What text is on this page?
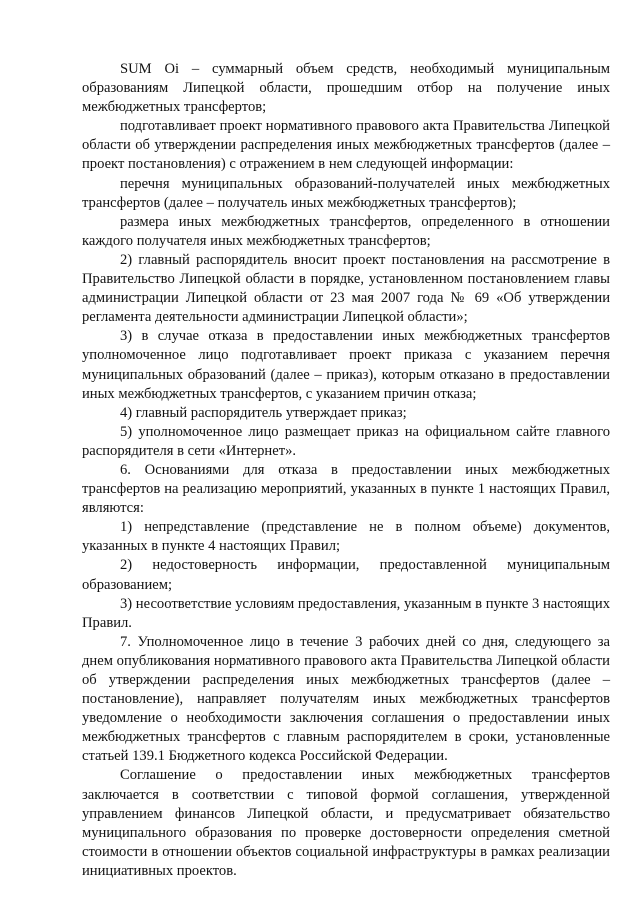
SUM Oi – суммарный объем средств, необходимый муниципальным образованиям Липецкой области, прошедшим отбор на получение иных межбюджетных трансфертов;

подготавливает проект нормативного правового акта Правительства Липецкой области об утверждении распределения иных межбюджетных трансфертов (далее – проект постановления) с отражением в нем следующей информации:

перечня муниципальных образований-получателей иных межбюджетных трансфертов (далее – получатель иных межбюджетных трансфертов);

размера иных межбюджетных трансфертов, определенного в отношении каждого получателя иных межбюджетных трансфертов;

2) главный распорядитель вносит проект постановления на рассмотрение в Правительство Липецкой области в порядке, установленном постановлением главы администрации Липецкой области от 23 мая 2007 года № 69 «Об утверждении регламента деятельности администрации Липецкой области»;

3) в случае отказа в предоставлении иных межбюджетных трансфертов уполномоченное лицо подготавливает проект приказа с указанием перечня муниципальных образований (далее – приказ), которым отказано в предоставлении иных межбюджетных трансфертов, с указанием причин отказа;

4) главный распорядитель утверждает приказ;

5) уполномоченное лицо размещает приказ на официальном сайте главного распорядителя в сети «Интернет».

6. Основаниями для отказа в предоставлении иных межбюджетных трансфертов на реализацию мероприятий, указанных в пункте 1 настоящих Правил, являются:

1) непредставление (представление не в полном объеме) документов, указанных в пункте 4 настоящих Правил;

2) недостоверность информации, предоставленной муниципальным образованием;

3) несоответствие условиям предоставления, указанным в пункте 3 настоящих Правил.

7. Уполномоченное лицо в течение 3 рабочих дней со дня, следующего за днем опубликования нормативного правового акта Правительства Липецкой области об утверждении распределения иных межбюджетных трансфертов (далее – постановление), направляет получателям иных межбюджетных трансфертов уведомление о необходимости заключения соглашения о предоставлении иных межбюджетных трансфертов с главным распорядителем в сроки, установленные статьей 139.1 Бюджетного кодекса Российской Федерации.

Соглашение о предоставлении иных межбюджетных трансфертов заключается в соответствии с типовой формой соглашения, утвержденной управлением финансов Липецкой области, и предусматривает обязательство муниципального образования по проверке достоверности определения сметной стоимости в отношении объектов социальной инфраструктуры в рамках реализации инициативных проектов.
